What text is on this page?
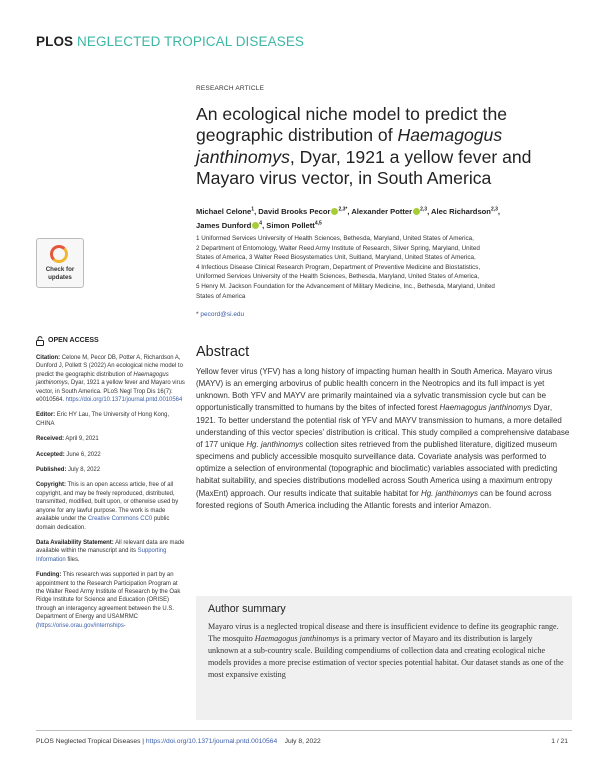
PLOS NEGLECTED TROPICAL DISEASES
RESEARCH ARTICLE
An ecological niche model to predict the geographic distribution of Haemagogus janthinomys, Dyar, 1921 a yellow fever and Mayaro virus vector, in South America
Michael Celone$^1$, David Brooks Pecor $^{2,3*}$, Alexander Potter $^{2,3}$, Alec Richardson$^{2,3}$,
James Dunford $^4$, Simon Pollett$^{4,5}$
1 Uniformed Services University of Health Sciences, Bethesda, Maryland, United States of America,
2 Department of Entomology, Walter Reed Army Institute of Research, Silver Spring, Maryland, United
States of America, 3 Walter Reed Biosystematics Unit, Suitland, Maryland, United States of America,
4 Infectious Disease Clinical Research Program, Department of Preventive Medicine and Biostatistics,
Uniformed Services University of the Health Sciences, Bethesda, Maryland, United States of America,
5 Henry M. Jackson Foundation for the Advancement of Military Medicine, Inc., Bethesda, Maryland, United
States of America
* pecord@si.edu
Check for
updates
OPEN ACCESS
Citation: Celone M, Pecor DB, Potter A, Richardson A, Dunford J, Pollett S (2022) An ecological niche model to predict the geographic distribution of Haemagogus janthinomys, Dyar, 1921 a yellow fever and Mayaro virus vector, in South America. PLoS Negl Trop Dis 16(7): e0010564. https://doi.org/10.1371/journal.pntd.0010564
Editor: Eric HY Lau, The University of Hong Kong, CHINA
Received: April 9, 2021
Accepted: June 6, 2022
Published: July 8, 2022
Copyright: This is an open access article, free of all copyright, and may be freely reproduced, distributed, transmitted, modified, built upon, or otherwise used by anyone for any lawful purpose. The work is made available under the Creative Commons CC0 public domain dedication.
Data Availability Statement: All relevant data are made available within the manuscript and its Supporting Information files.
Funding: This research was supported in part by an appointment to the Research Participation Program at the Walter Reed Army Institute of Research by the Oak Ridge Institute for Science and Education (ORISE) through an interagency agreement between the U.S. Department of Energy and USAMRMC (https://orise.orau.gov/internships-
Abstract
Yellow fever virus (YFV) has a long history of impacting human health in South America. Mayaro virus (MAYV) is an emerging arbovirus of public health concern in the Neotropics and its full impact is yet unknown. Both YFV and MAYV are primarily maintained via a sylvatic transmission cycle but can be opportunistically transmitted to humans by the bites of infected forest Haemagogus janthinomys Dyar, 1921. To better understand the potential risk of YFV and MAYV transmission to humans, a more detailed understanding of this vector species’ distribution is critical. This study compiled a comprehensive database of 177 unique Hg. janthinomys collection sites retrieved from the published literature, digitized museum specimens and publicly accessible mosquito surveillance data. Covariate analysis was performed to optimize a selection of environmental (topographic and bioclimatic) variables associated with predicting habitat suitability, and species distributions modelled across South America using a maximum entropy (MaxEnt) approach. Our results indicate that suitable habitat for Hg. janthinomys can be found across forested regions of South America including the Atlantic forests and interior Amazon.
Author summary
Mayaro virus is a neglected tropical disease and there is insufficient evidence to define its geographic range. The mosquito Haemagogus janthinomys is a primary vector of Mayaro and its distribution is largely unknown at a sub-country scale. Building compendiums of collection data and creating ecological niche models provides a more precise estimation of vector species potential habitat. Our dataset stands as one of the most expansive existing
PLOS Neglected Tropical Diseases | https://doi.org/10.1371/journal.pntd.0010564 July 8, 2022	1 / 21
